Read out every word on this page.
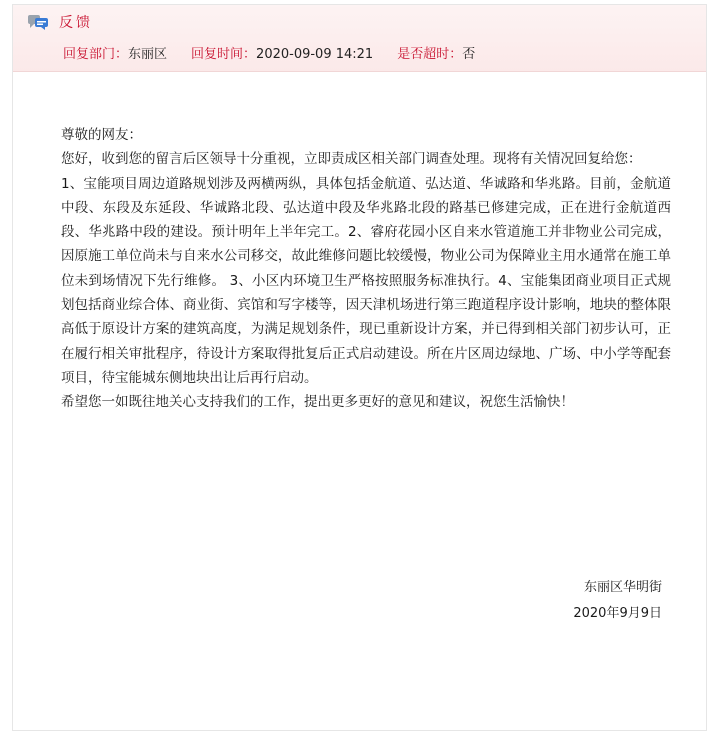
反馈
回复部门：东丽区 回复时间：2020-09-09 14:21 是否超时：否

尊敬的网友：

您好，收到您的留言后区领导十分重视，立即责成区相关部门调查处理。现将有关情况回复给您：

1、宝能项目周边道路规划涉及两横两纵，具体包括金航道、弘达道、华诚路和华兆路。目前，金航道中段、东段及东延段、华诚路北段、弘达道中段及华兆路北段的路基已修建完成，正在进行金航道西段、华兆路中段的建设。预计明年上半年完工。2、睿府花园小区自来水管道施工并非物业公司完成，因原施工单位尚未与自来水公司移交，故此维修问题比较缓慢，物业公司为保障业主用水通常在施工单位未到场情况下先行维修。 3、小区内环境卫生严格按照服务标准执行。4、宝能集团商业项目正式规划包括商业综合体、商业街、宾馆和写字楼等，因天津机场进行第三跑道程序设计影响，地块的整体限高低于原设计方案的建筑高度，为满足规划条件，现已重新设计方案，并已得到相关部门初步认可，正在履行相关审批程序，待设计方案取得批复后正式启动建设。所在片区周边绿地、广场、中小学等配套项目，待宝能城东侧地块出让后再行启动。

希望您一如既往地关心支持我们的工作，提出更多更好的意见和建议，祝您生活愉快！

东丽区华明街
2020年9月9日
